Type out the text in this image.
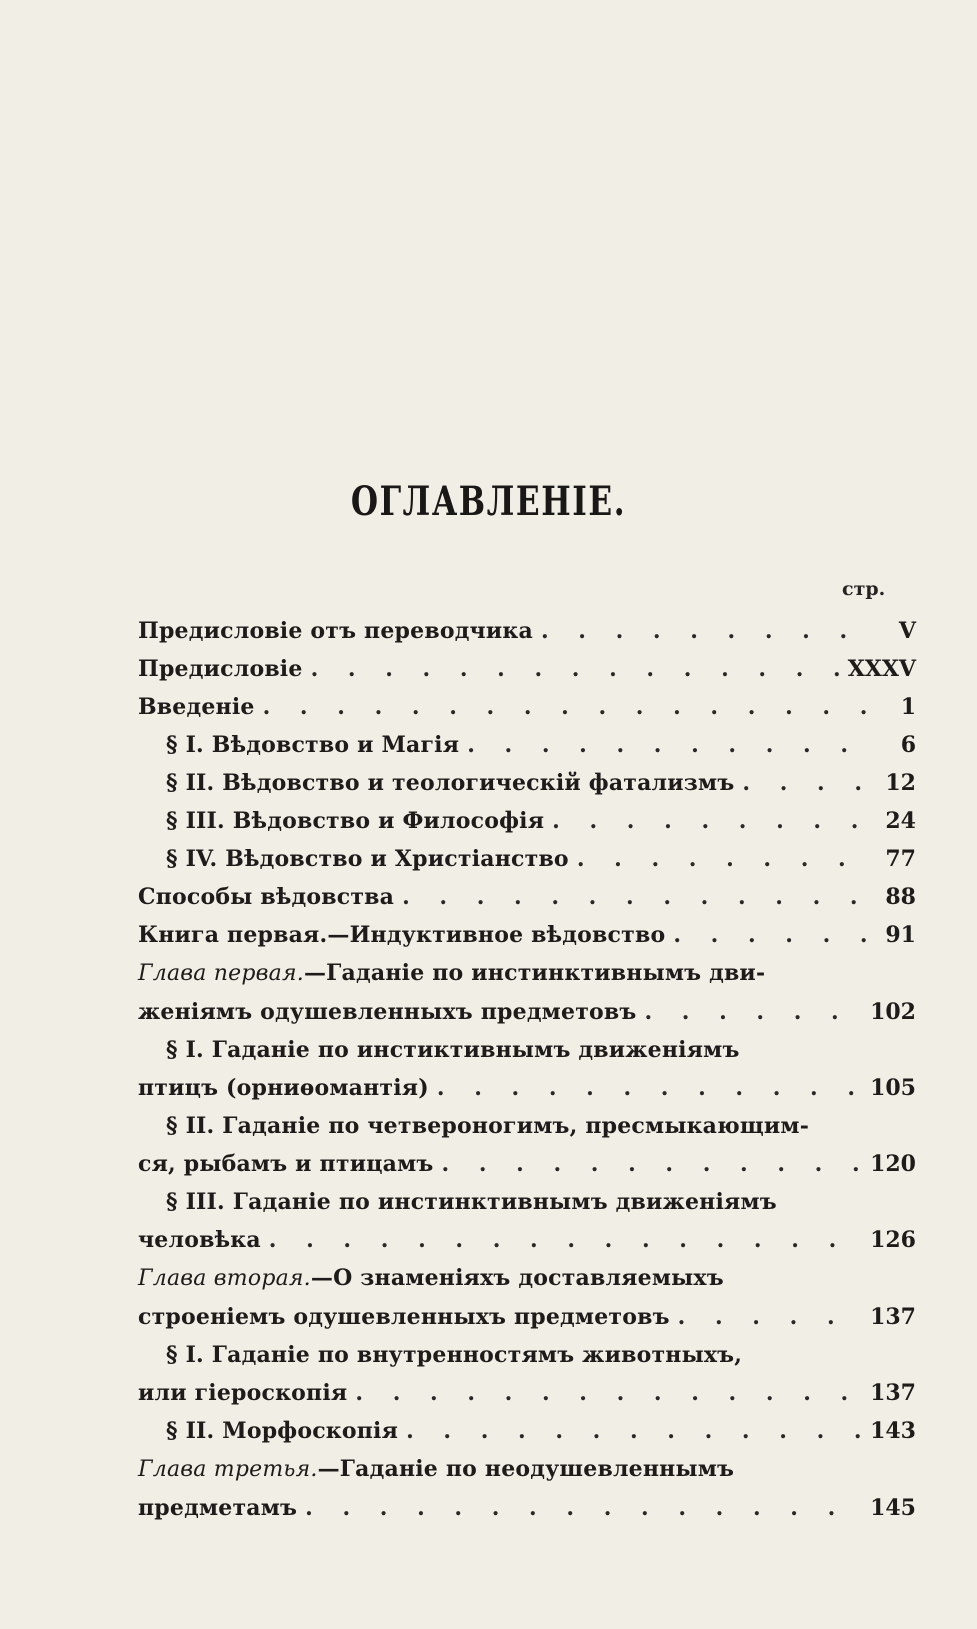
ОГЛАВЛЕНІЕ.
стр.
Предисловіе отъ переводчика . . .	V
Предисловіе . . .	XXXV
Введеніе . . .	1
§ I. Вѣдовство и Магія . . .	6
§ II. Вѣдовство и теологическій фатализмъ . . .	12
§ III. Вѣдовство и Философія . . .	24
§ IV. Вѣдовство и Христіанство . . .	77
Способы вѣдовства . . .	88
Книга первая.—Индуктивное вѣдовство . . .	91
Глава первая.—Гаданіе по инстинктивнымъ дви-
женіямъ одушевленныхъ предметовъ . . .	102
§ I. Гаданіе по инстиктивнымъ движеніямъ
птицъ (орниѳомантія) . . .	105
§ II. Гаданіе по четвероногимъ, пресмыкающим-
ся, рыбамъ и птицамъ . . .	120
§ III. Гаданіе по инстинктивнымъ движеніямъ
человѣка . . .	126
Глава вторая.—О знаменіяхъ доставляемыхъ
строеніемъ одушевленныхъ предметовъ . . .	137
§ I. Гаданіе по внутренностямъ животныхъ,
или гіероскопія . . .	137
§ II. Морфоскопія . . .	143
Глава третья.—Гаданіе по неодушевленнымъ
предметамъ . . .	145
